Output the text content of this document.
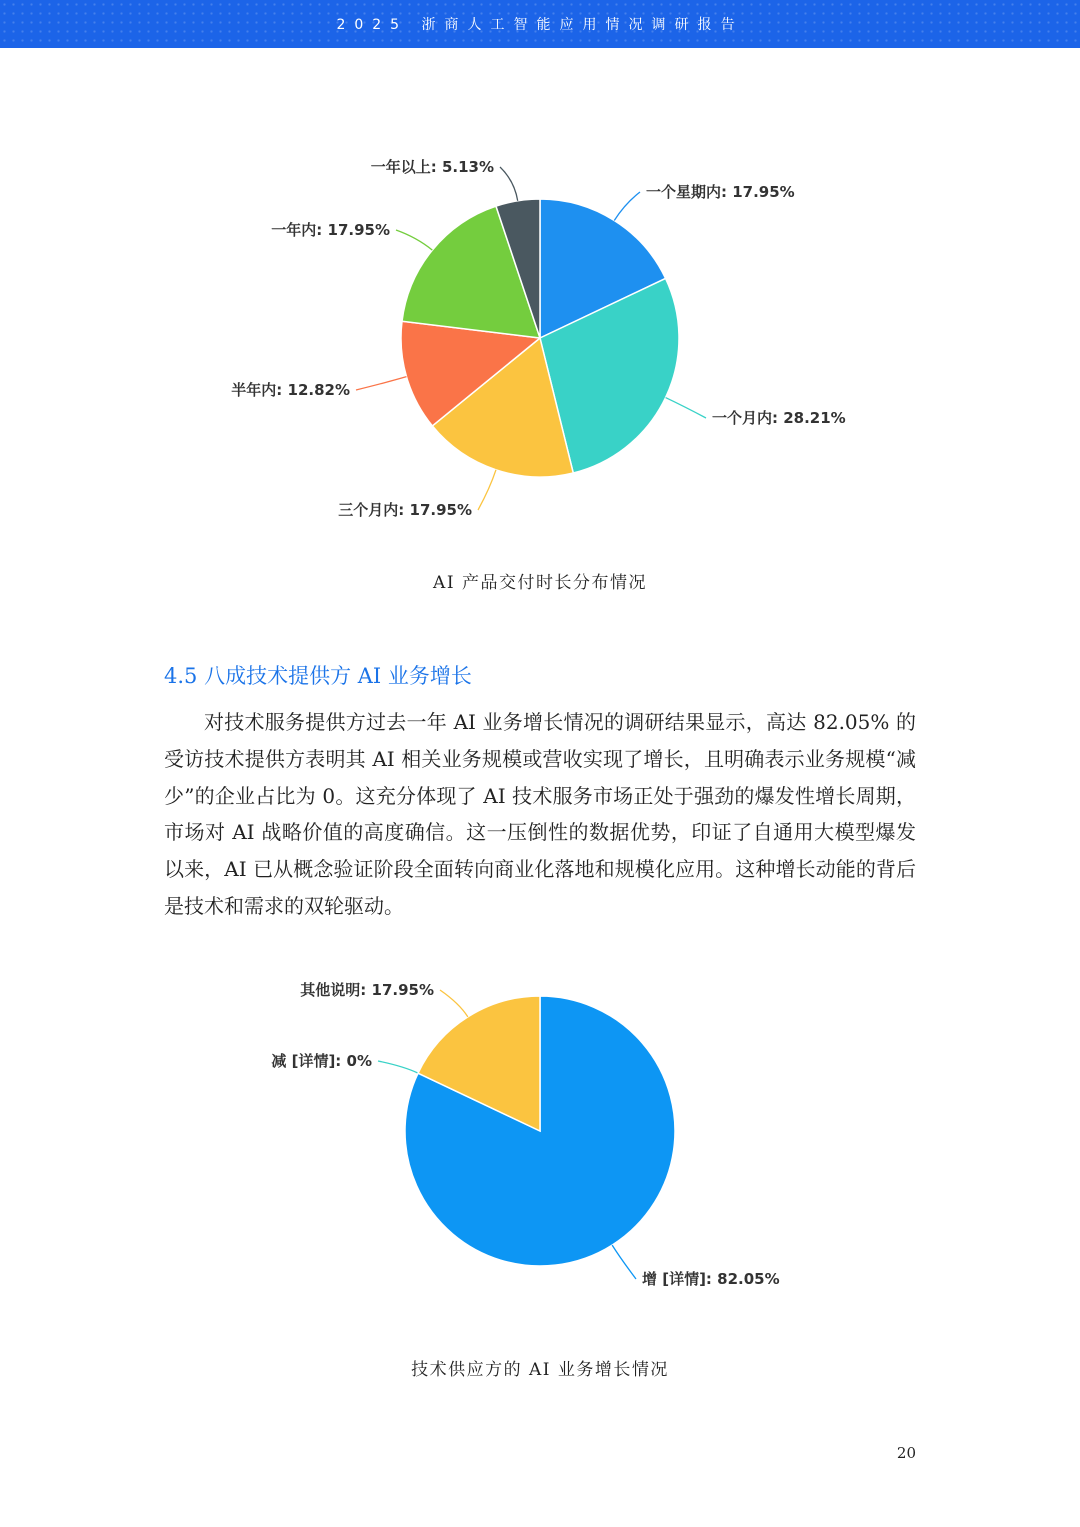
2025 浙商人工智能应用情况调研报告
一个星期内: 17.95%
一个月内: 28.21%
三个月内: 17.95%
半年内: 12.82%
一年内: 17.95%
一年以上: 5.13%
AI 产品交付时长分布情况
4.5 八成技术提供方 AI 业务增长

对技术服务提供方过去一年 AI 业务增长情况的调研结果显示，高达 82.05% 的受访技术提供方表明其 AI 相关业务规模或营收实现了增长，且明确表示业务规模“减少”的企业占比为 0。这充分体现了 AI 技术服务市场正处于强劲的爆发性增长周期，市场对 AI 战略价值的高度确信。这一压倒性的数据优势，印证了自通用大模型爆发以来，AI 已从概念验证阶段全面转向商业化落地和规模化应用。这种增长动能的背后是技术和需求的双轮驱动。

增 [详情]: 82.05%
减 [详情]: 0%
其他说明: 17.95%
技术供应方的 AI 业务增长情况
20
